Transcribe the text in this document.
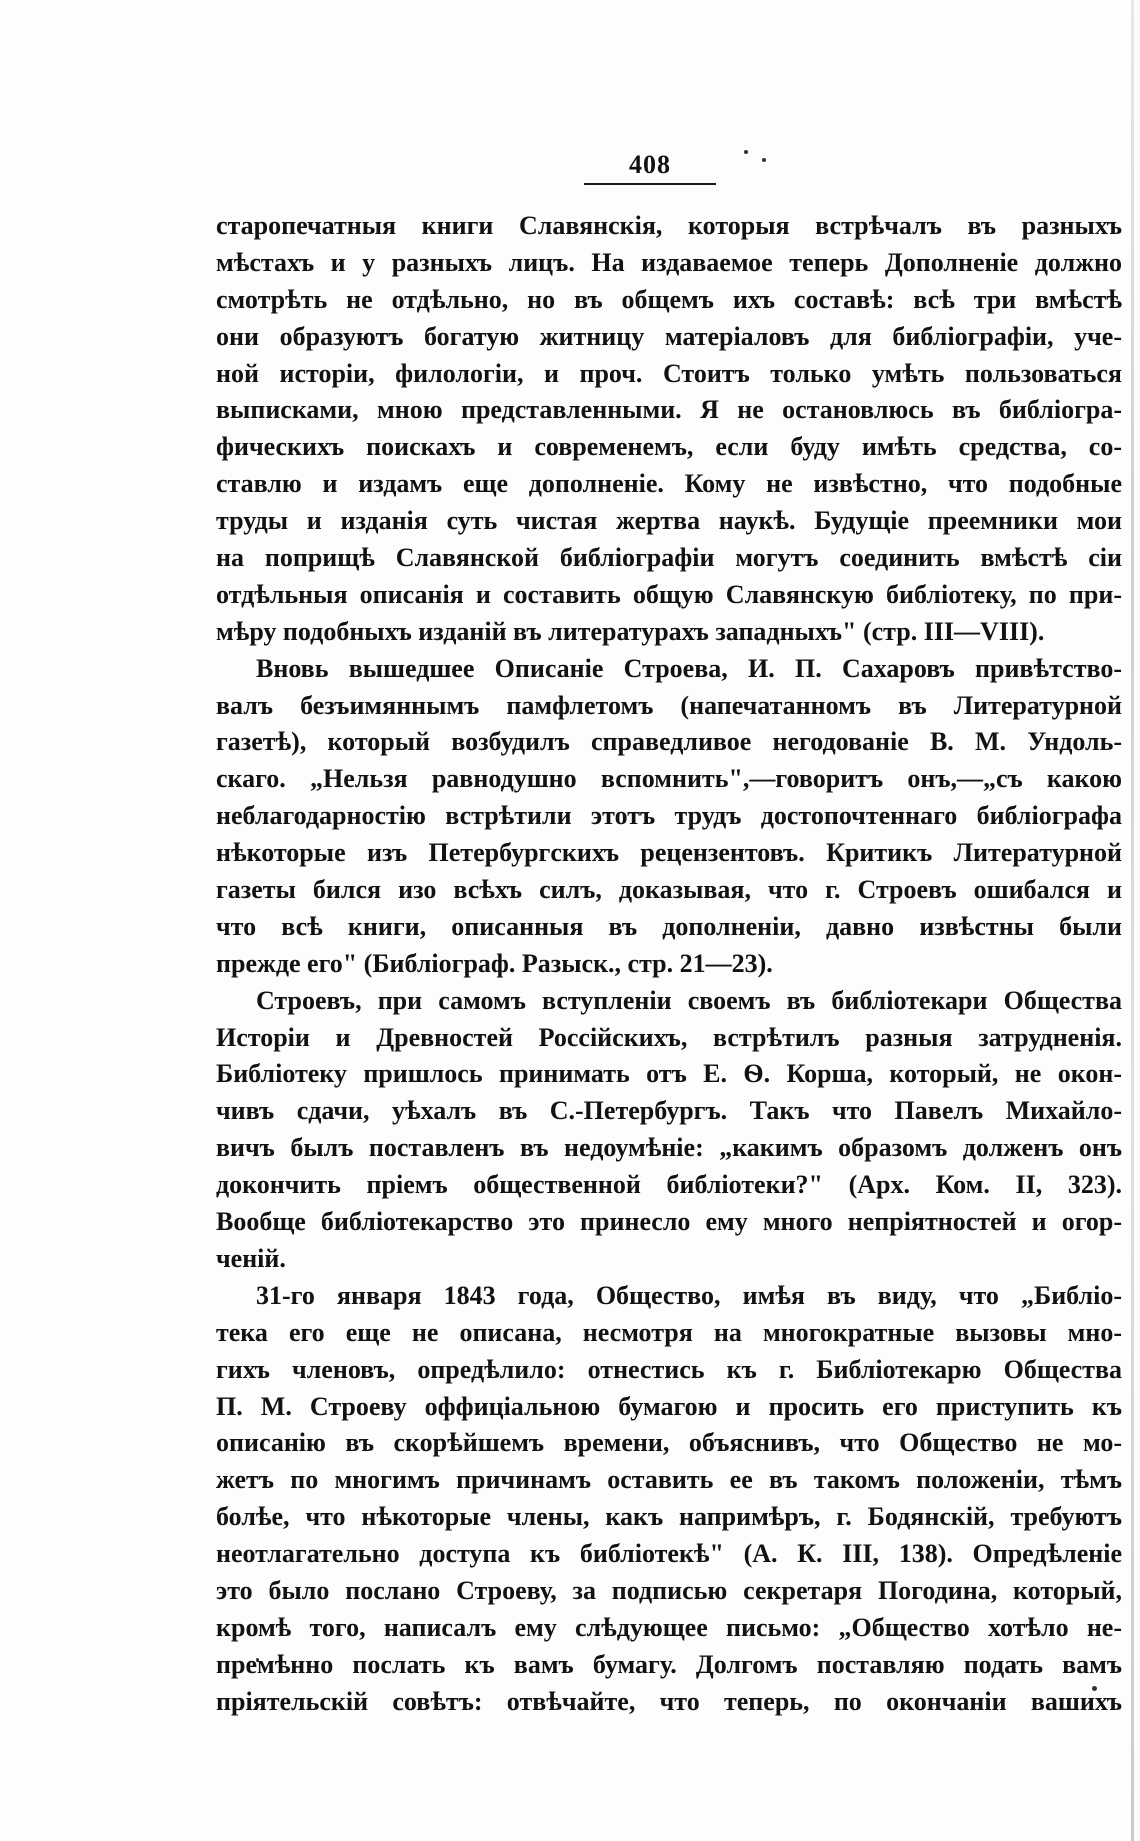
408
старопечатныя книги Славянскія, которыя встрѣчалъ въ разныхъ
мѣстахъ и у разныхъ лицъ. На издаваемое теперь Дополненіе должно
смотрѣть не отдѣльно, но въ общемъ ихъ составѣ: всѣ три вмѣстѣ
они образуютъ богатую житницу матеріаловъ для библіографіи, уче-
ной исторіи, филологіи, и проч. Стоитъ только умѣть пользоваться
выписками, мною представленными. Я не остановлюсь въ библіогра-
фическихъ поискахъ и современемъ, если буду имѣть средства, со-
ставлю и издамъ еще дополненіе. Кому не извѣстно, что подобные
труды и изданія суть чистая жертва наукѣ. Будущіе преемники мои
на поприщѣ Славянской библіографіи могутъ соединить вмѣстѣ сіи
отдѣльныя описанія и составить общую Славянскую библіотеку, по при-
мѣру подобныхъ изданій въ литературахъ западныхъ" (стр. III—VIII).
Вновь вышедшее Описаніе Строева, И. П. Сахаровъ привѣтство-
валъ безъимяннымъ памфлетомъ (напечатанномъ въ Литературной
газетѣ), который возбудилъ справедливое негодованіе В. М. Ундоль-
скаго. „Нельзя равнодушно вспомнить",—говоритъ онъ,—„съ какою
неблагодарностію встрѣтили этотъ трудъ достопочтеннаго библіографа
нѣкоторые изъ Петербургскихъ рецензентовъ. Критикъ Литературной
газеты бился изо всѣхъ силъ, доказывая, что г. Строевъ ошибался и
что всѣ книги, описанныя въ дополненіи, давно извѣстны были
прежде его" (Библіограф. Разыск., стр. 21—23).
Строевъ, при самомъ вступленіи своемъ въ библіотекари Общества
Исторіи и Древностей Россійскихъ, встрѣтилъ разныя затрудненія.
Библіотеку пришлось принимать отъ Е. Ѳ. Корша, который, не окон-
чивъ сдачи, уѣхалъ въ С.-Петербургъ. Такъ что Павелъ Михайло-
вичъ былъ поставленъ въ недоумѣніе: „какимъ образомъ долженъ онъ
докончить пріемъ общественной библіотеки?" (Арх. Ком. II, 323).
Вообще библіотекарство это принесло ему много непріятностей и огор-
ченій.
31-го января 1843 года, Общество, имѣя въ виду, что „Библіо-
тека его еще не описана, несмотря на многократные вызовы мно-
гихъ членовъ, опредѣлило: отнестись къ г. Библіотекарю Общества
П. М. Строеву оффиціальною бумагою и просить его приступить къ
описанію въ скорѣйшемъ времени, объяснивъ, что Общество не мо-
жетъ по многимъ причинамъ оставить ее въ такомъ положеніи, тѣмъ
болѣе, что нѣкоторые члены, какъ напримѣръ, г. Бодянскій, требуютъ
неотлагательно доступа къ библіотекѣ" (А. К. III, 138). Опредѣленіе
это было послано Строеву, за подписью секретаря Погодина, который,
кромѣ того, написалъ ему слѣдующее письмо: „Общество хотѣло не-
премѣнно послать къ вамъ бумагу. Долгомъ поставляю подать вамъ
пріятельскій совѣтъ: отвѣчайте, что теперь, по окончаніи вашихъ
